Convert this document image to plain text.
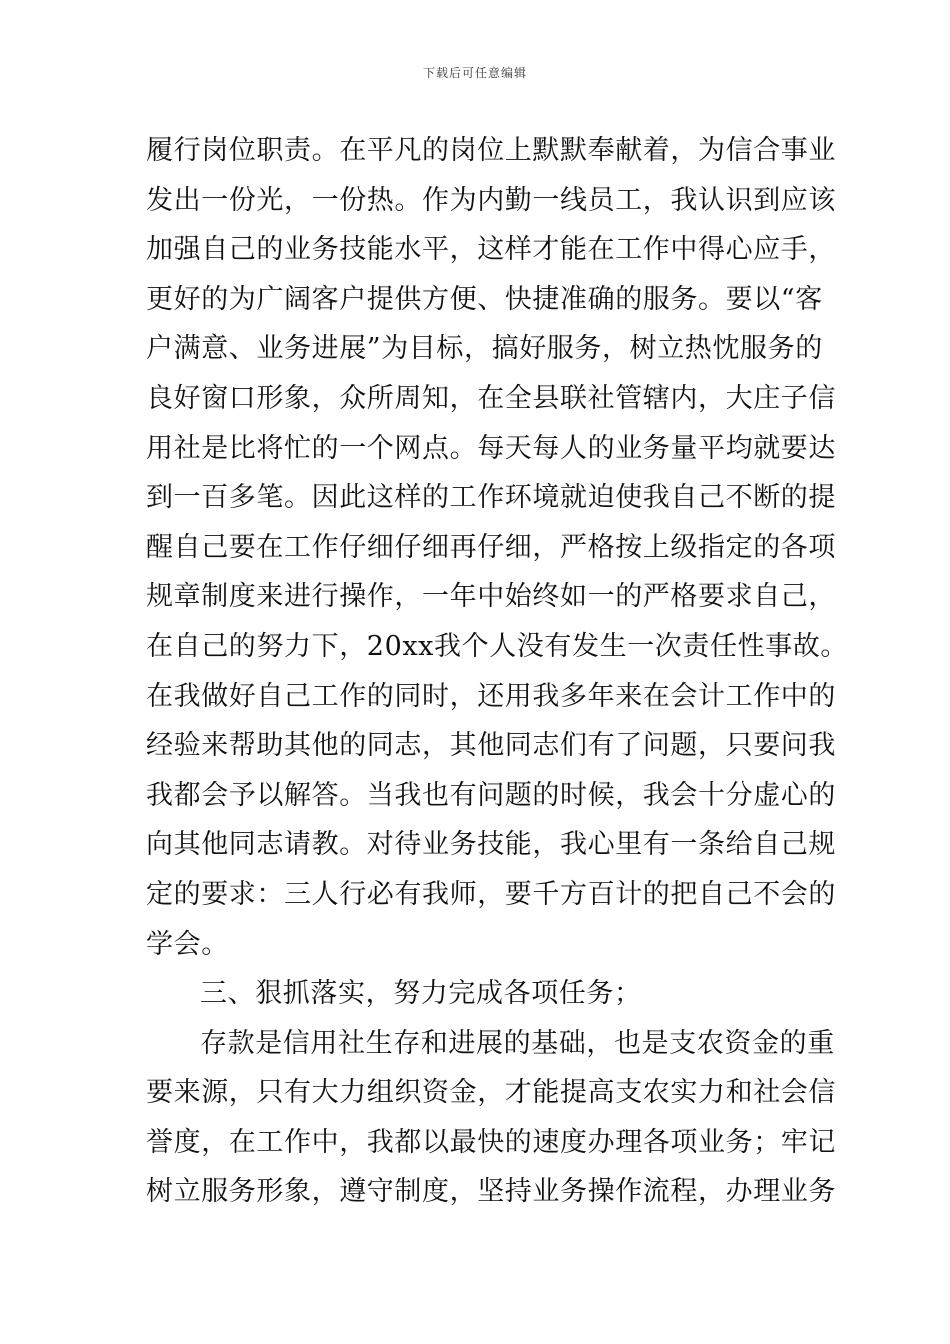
下载后可任意编辑
履行岗位职责。在平凡的岗位上默默奉献着，为信合事业
发出一份光，一份热。作为内勤一线员工，我认识到应该
加强自己的业务技能水平，这样才能在工作中得心应手，
更好的为广阔客户提供方便、快捷准确的服务。要以“客
户满意、业务进展”为目标，搞好服务，树立热忱服务的
良好窗口形象，众所周知，在全县联社管辖内，大庄子信
用社是比将忙的一个网点。每天每人的业务量平均就要达
到一百多笔。因此这样的工作环境就迫使我自己不断的提
醒自己要在工作仔细仔细再仔细，严格按上级指定的各项
规章制度来进行操作，一年中始终如一的严格要求自己，
在自己的努力下，20xx我个人没有发生一次责任性事故。
在我做好自己工作的同时，还用我多年来在会计工作中的
经验来帮助其他的同志，其他同志们有了问题，只要问我
我都会予以解答。当我也有问题的时候，我会十分虚心的
向其他同志请教。对待业务技能，我心里有一条给自己规
定的要求：三人行必有我师，要千方百计的把自己不会的
学会。
三、狠抓落实，努力完成各项任务；
存款是信用社生存和进展的基础，也是支农资金的重
要来源，只有大力组织资金，才能提高支农实力和社会信
誉度，在工作中，我都以最快的速度办理各项业务；牢记
树立服务形象，遵守制度，坚持业务操作流程，办理业务
